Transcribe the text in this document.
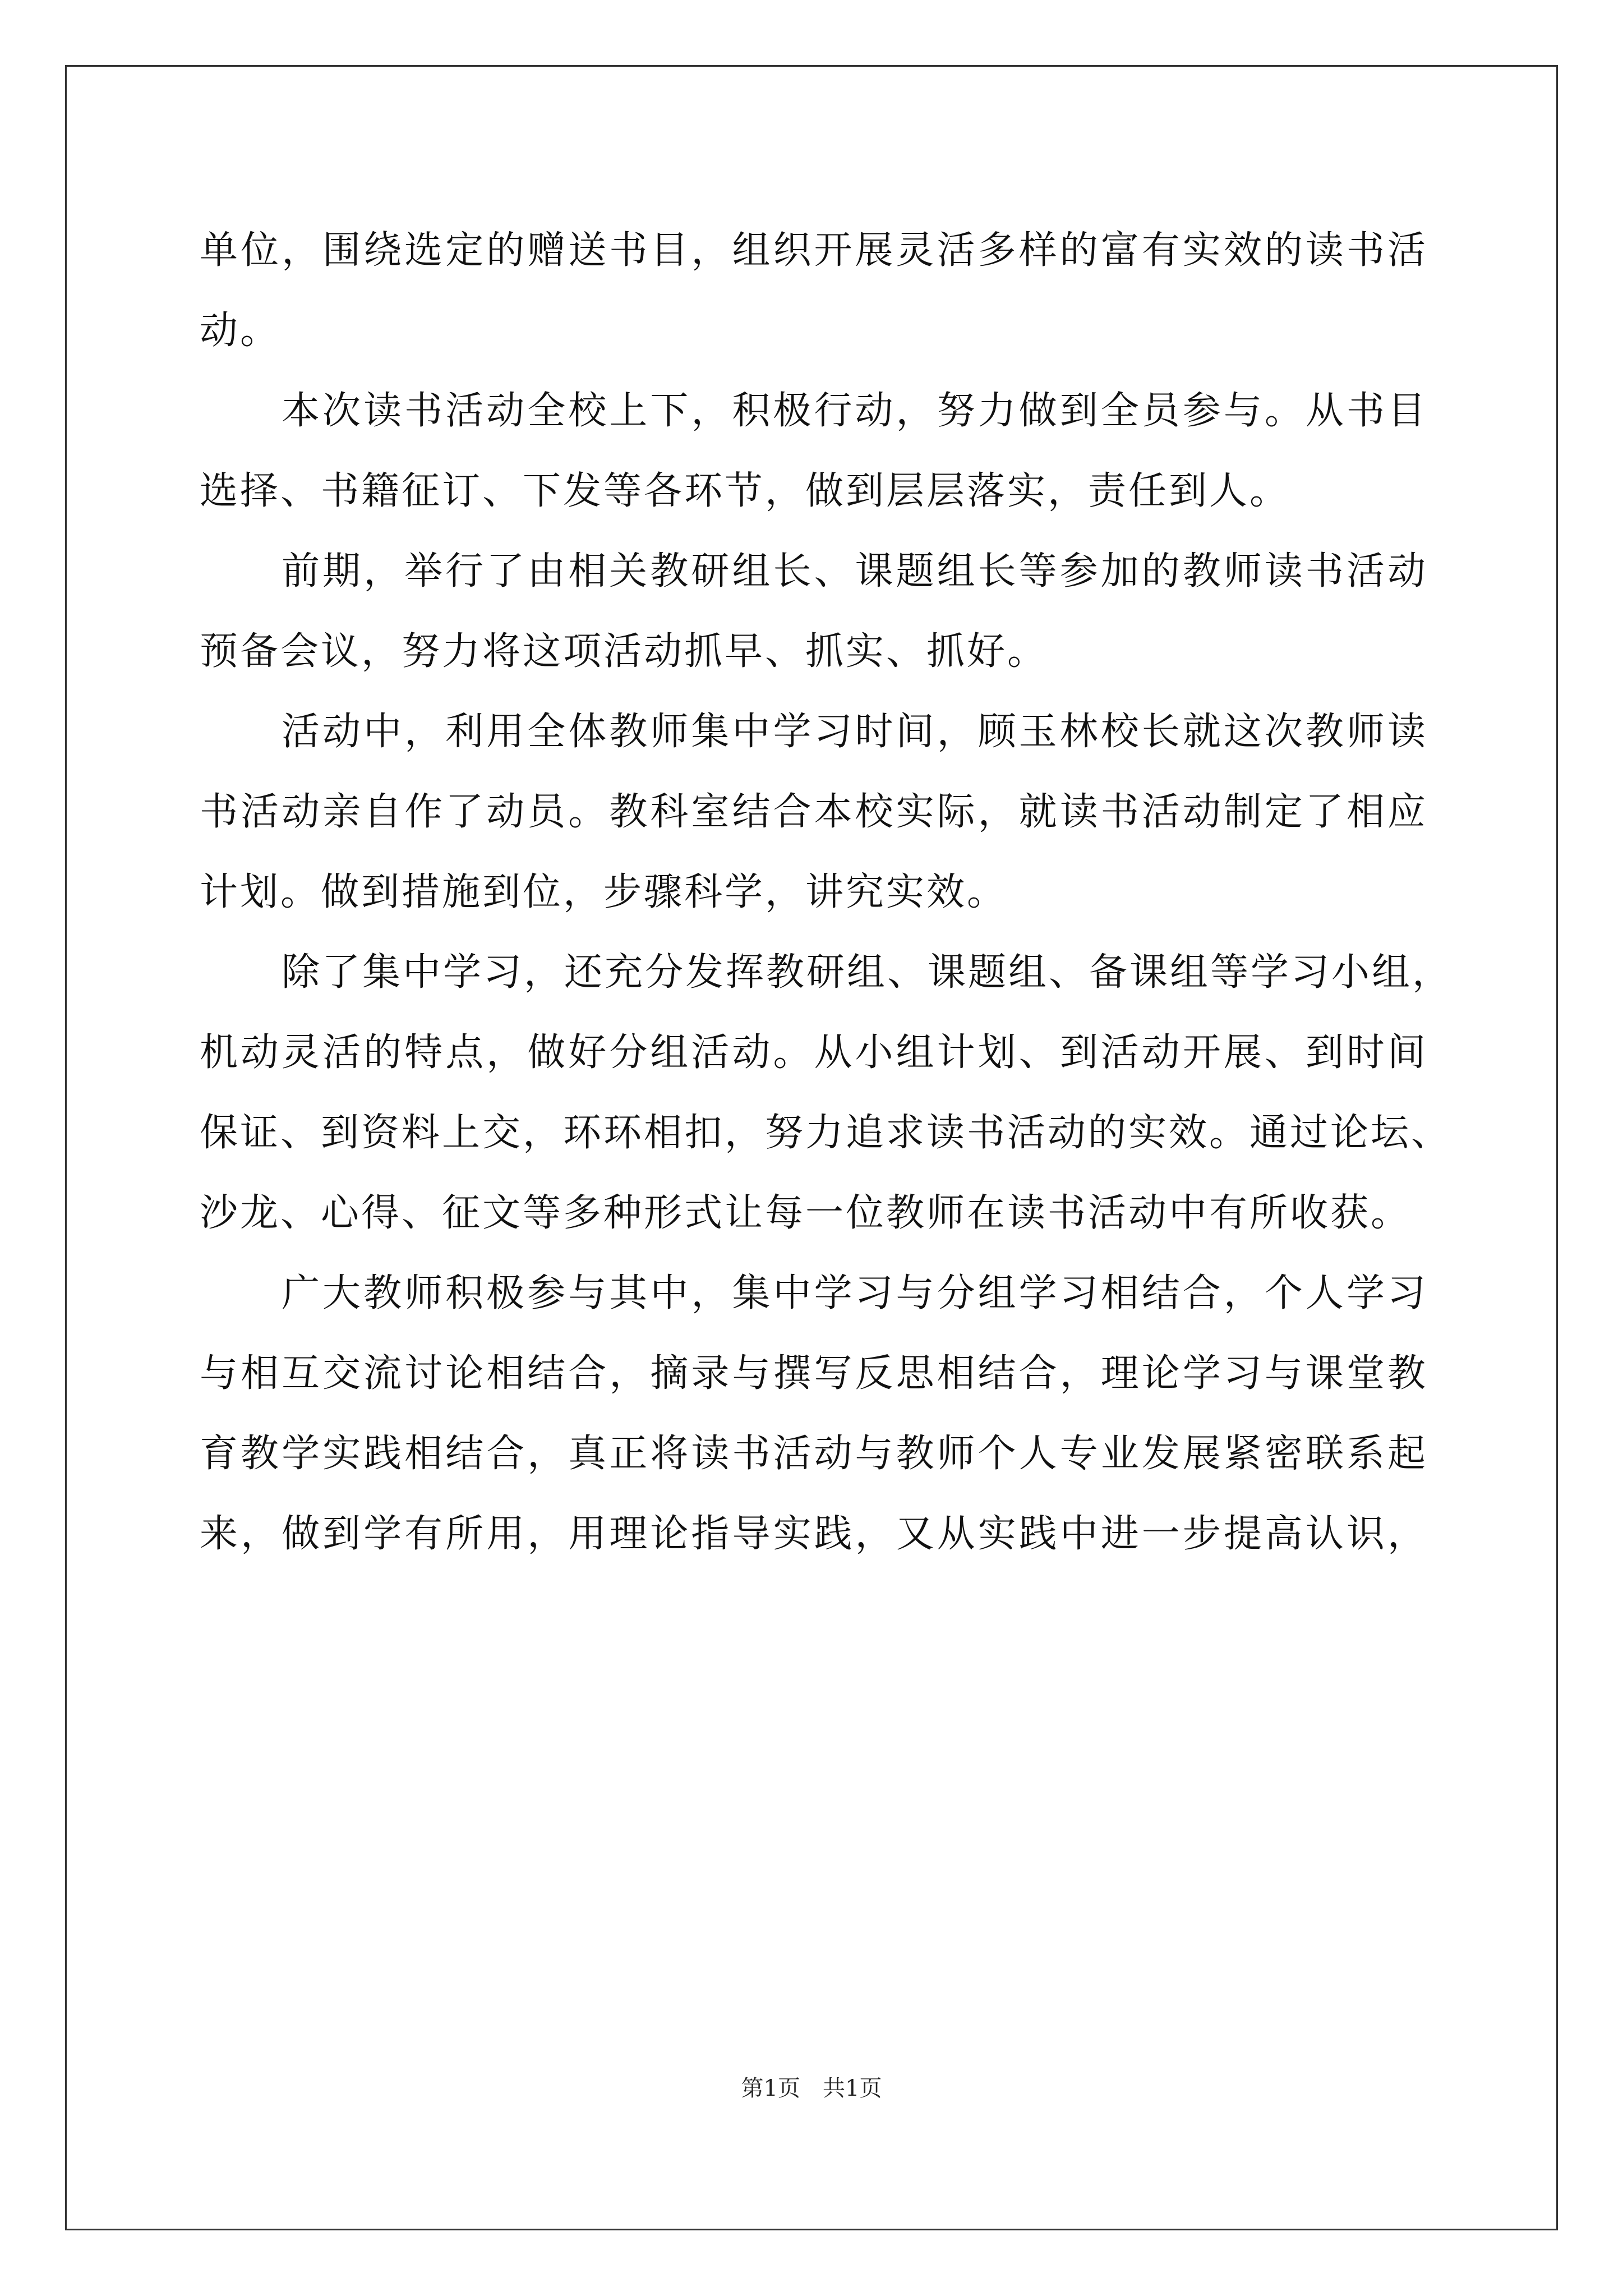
单位，围绕选定的赠送书目，组织开展灵活多样的富有实效的读书活
动。
本次读书活动全校上下，积极行动，努力做到全员参与。从书目
选择、书籍征订、下发等各环节，做到层层落实，责任到人。
前期，举行了由相关教研组长、课题组长等参加的教师读书活动
预备会议，努力将这项活动抓早、抓实、抓好。
活动中，利用全体教师集中学习时间，顾玉林校长就这次教师读
书活动亲自作了动员。教科室结合本校实际，就读书活动制定了相应
计划。做到措施到位，步骤科学，讲究实效。
除了集中学习，还充分发挥教研组、课题组、备课组等学习小组，
机动灵活的特点，做好分组活动。从小组计划、到活动开展、到时间
保证、到资料上交，环环相扣，努力追求读书活动的实效。通过论坛、
沙龙、心得、征文等多种形式让每一位教师在读书活动中有所收获。
广大教师积极参与其中，集中学习与分组学习相结合，个人学习
与相互交流讨论相结合，摘录与撰写反思相结合，理论学习与课堂教
育教学实践相结合，真正将读书活动与教师个人专业发展紧密联系起
来，做到学有所用，用理论指导实践，又从实践中进一步提高认识，
第1页　共1页
